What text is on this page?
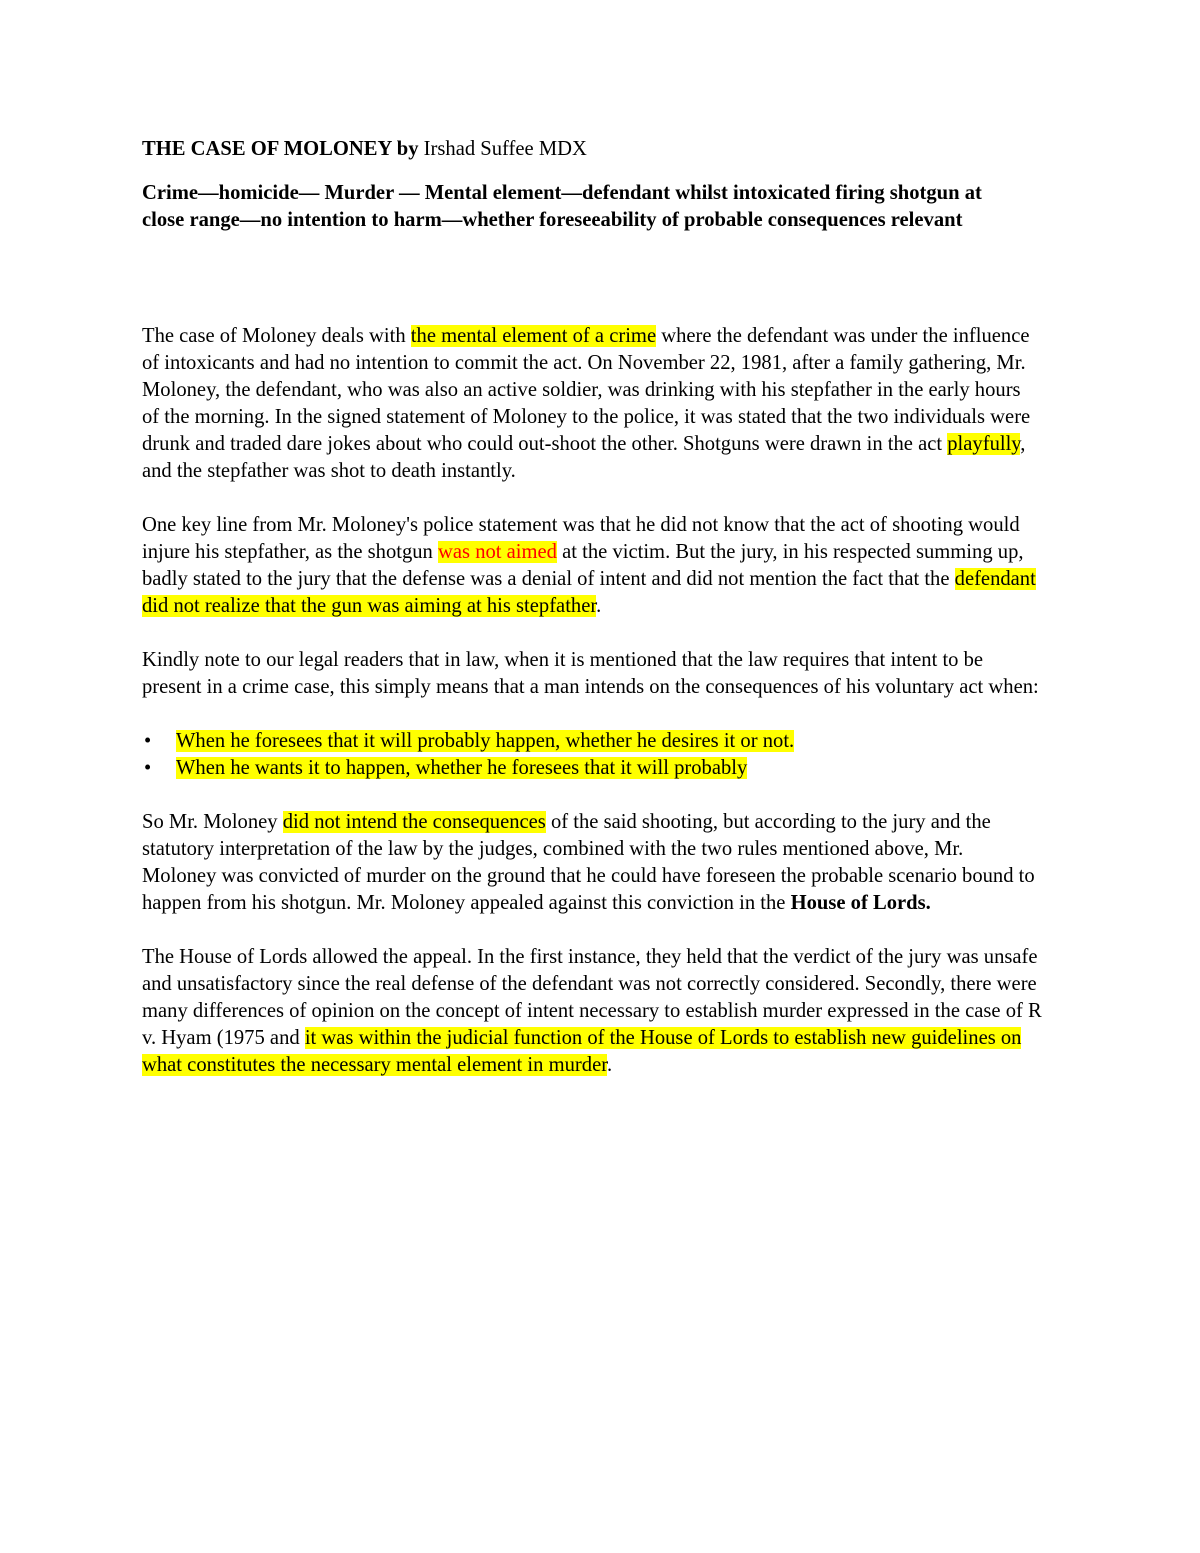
THE CASE OF MOLONEY by Irshad Suffee MDX
Crime—homicide— Murder — Mental element—defendant whilst intoxicated firing shotgun at close range—no intention to harm—whether foreseeability of probable consequences relevant

The case of Moloney deals with the mental element of a crime where the defendant was under the influence of intoxicants and had no intention to commit the act. On November 22, 1981, after a family gathering, Mr. Moloney, the defendant, who was also an active soldier, was drinking with his stepfather in the early hours of the morning. In the signed statement of Moloney to the police, it was stated that the two individuals were drunk and traded dare jokes about who could out-shoot the other. Shotguns were drawn in the act playfully, and the stepfather was shot to death instantly.

One key line from Mr. Moloney's police statement was that he did not know that the act of shooting would injure his stepfather, as the shotgun was not aimed at the victim. But the jury, in his respected summing up, badly stated to the jury that the defense was a denial of intent and did not mention the fact that the defendant did not realize that the gun was aiming at his stepfather.

Kindly note to our legal readers that in law, when it is mentioned that the law requires that intent to be present in a crime case, this simply means that a man intends on the consequences of his voluntary act when:

• When he foresees that it will probably happen, whether he desires it or not.
• When he wants it to happen, whether he foresees that it will probably

So Mr. Moloney did not intend the consequences of the said shooting, but according to the jury and the statutory interpretation of the law by the judges, combined with the two rules mentioned above, Mr. Moloney was convicted of murder on the ground that he could have foreseen the probable scenario bound to happen from his shotgun. Mr. Moloney appealed against this conviction in the House of Lords.

The House of Lords allowed the appeal. In the first instance, they held that the verdict of the jury was unsafe and unsatisfactory since the real defense of the defendant was not correctly considered. Secondly, there were many differences of opinion on the concept of intent necessary to establish murder expressed in the case of R v. Hyam (1975 and it was within the judicial function of the House of Lords to establish new guidelines on what constitutes the necessary mental element in murder.
